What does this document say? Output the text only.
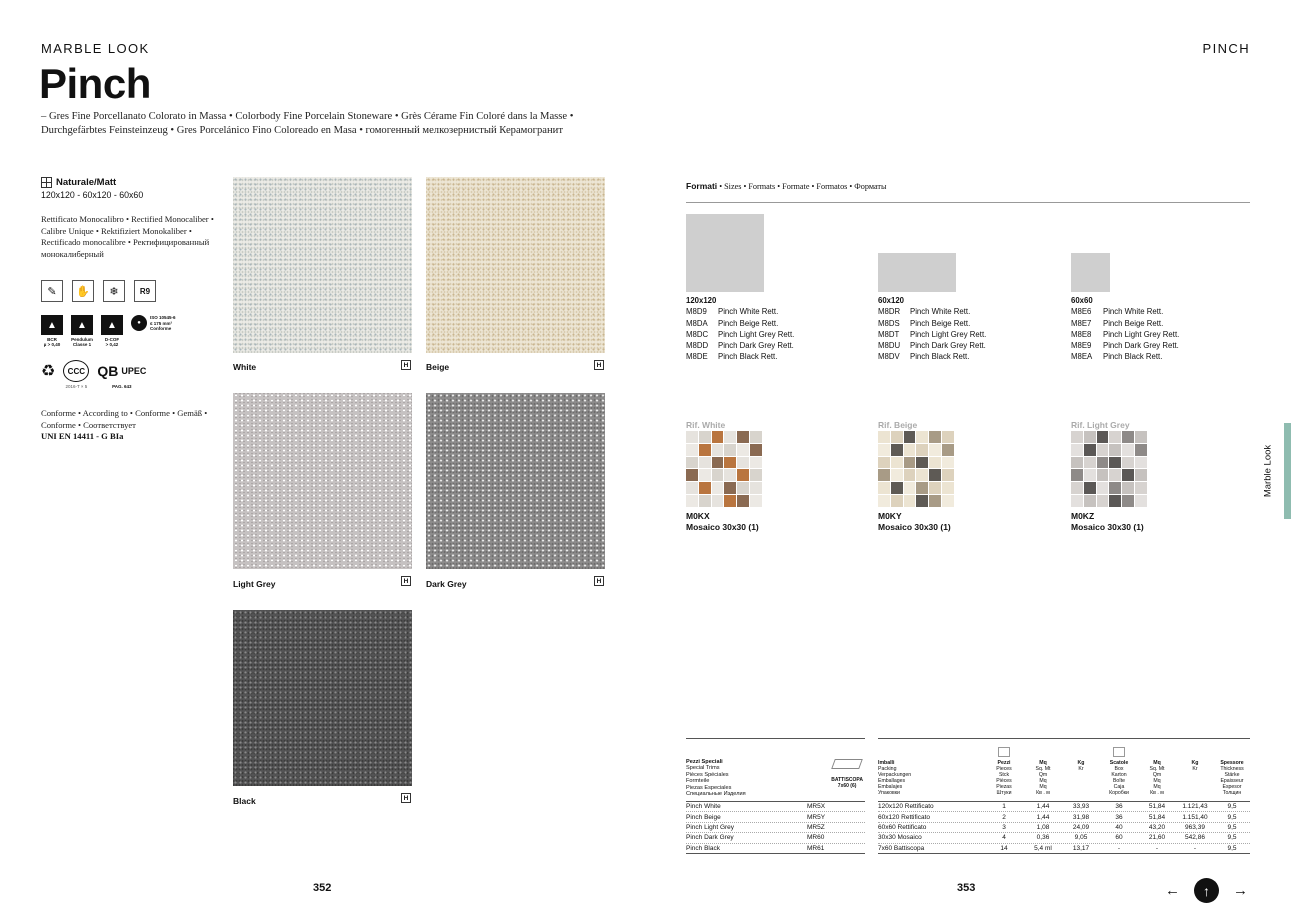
MARBLE LOOK	PINCH
Pinch
– Gres Fine Porcellanato Colorato in Massa • Colorbody Fine Porcelain Stoneware • Grès Cérame Fin Coloré dans la Masse •
Durchgefärbtes Feinsteinzeug • Gres Porcelánico Fino Coloreado en Masa • гомогенный мелкозернистый Керамогранит
Naturale/Matt
120x120 - 60x120 - 60x60
Rettificato Monocalibro • Rectified Monocaliber • Calibre Unique • Rektifiziert Monokaliber • Rectificado monocalibre • Ректифицированный монокалиберный
✎	✋	❄	R9
▲
BCR
µ > 0,40
▲
Pendulum
Classe 1
▲
D-COF
> 0,42
●
ISO 10545-6
≤ 175 mm³
Conforme
♻	CCC
2016-T × 5
QB UPEC
PAG. 643
Conforme • According to • Conforme • Gemäß • Conforme • Соответствует
UNI EN 14411 - G BIa
White	H	Beige	H
Light Grey	H	Dark Grey	H
Black	H
352
Formati • Sizes • Formats • Formate • Formatos • Форматы
120x120
M8D9 Pinch White Rett.
M8DA Pinch Beige Rett.
M8DC Pinch Light Grey Rett.
M8DD Pinch Dark Grey Rett.
M8DE Pinch Black Rett.
60x120
M8DR Pinch White Rett.
M8DS Pinch Beige Rett.
M8DT Pinch Light Grey Rett.
M8DU Pinch Dark Grey Rett.
M8DV Pinch Black Rett.
60x60
M8E6 Pinch White Rett.
M8E7 Pinch Beige Rett.
M8E8 Pinch Light Grey Rett.
M8E9 Pinch Dark Grey Rett.
M8EA Pinch Black Rett.
Rif. White
M0KX
Mosaico 30x30 (1)
Rif. Beige
M0KY
Mosaico 30x30 (1)
Rif. Light Grey
M0KZ
Mosaico 30x30 (1)
Marble Look
Pezzi Speciali
Special Trims
Pièces Spéciales
Formteile
Piezas Especiales
Специальные Изделия
BATTISCOPA
7x60 (6)
Pinch White	MR5X
Pinch Beige	MR5Y
Pinch Light Grey	MR5Z
Pinch Dark Grey	MR60
Pinch Black	MR61
Imballi
Packing
Verpackungen
Emballages
Embalajes
Упаковки
Pezzi
Pieces
Stck
Pièces
Piezas
Штуки
Mq
Sq. Mt
Qm
Mq
Mq
Кв . м
Kg
Kr
Scatole
Box
Karton
Boîte
Caja
Коробки
Mq
Sq. Mt
Qm
Mq
Mq
Кв . м
Kg
Kr
Spessore
Thickness
Stärke
Epaisseur
Espesor
Толщин
120x120 Rettificato	1	1,44	33,93	36	51,84	1.121,43	9,5
60x120 Rettificato	2	1,44	31,98	36	51,84	1.151,40	9,5
60x60 Rettificato	3	1,08	24,09	40	43,20	963,39	9,5
30x30 Mosaico	4	0,36	9,05	60	21,60	542,86	9,5
7x60 Battiscopa	14	5,4 ml	13,17	-	-	-	9,5
353	←	↑	→
